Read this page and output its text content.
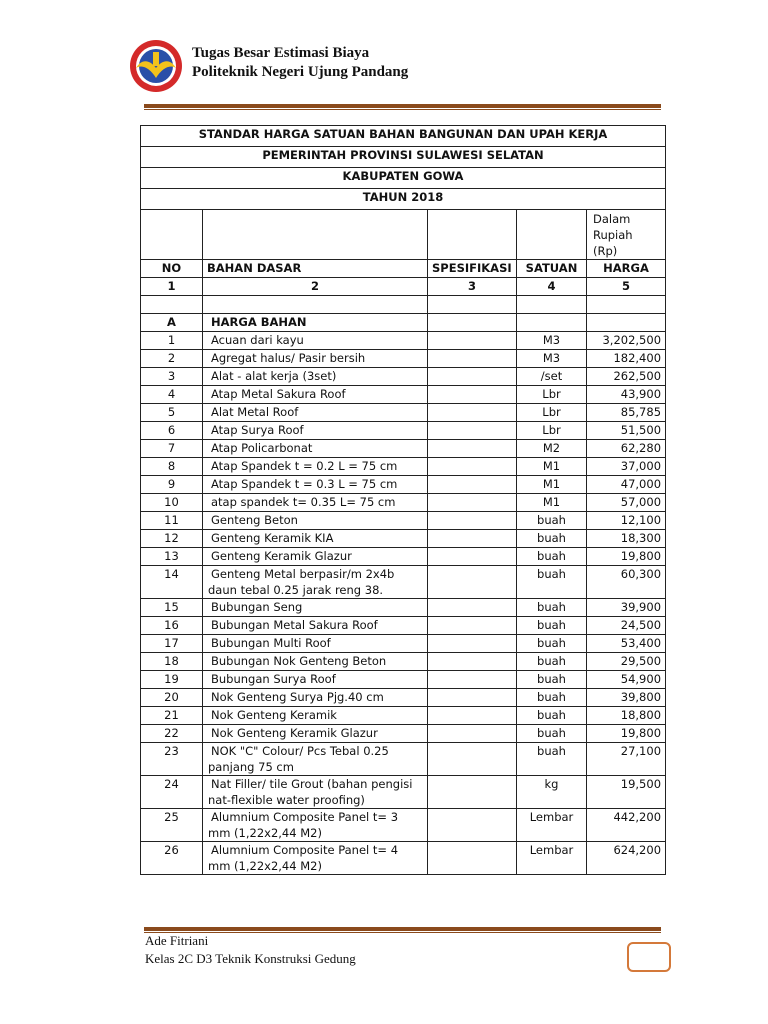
Tugas Besar Estimasi Biaya
Politeknik Negeri Ujung Pandang
STANDAR HARGA SATUAN BAHAN BANGUNAN DAN UPAH KERJA				
PEMERINTAH PROVINSI SULAWESI SELATAN				
KABUPATEN GOWA				
TAHUN 2018				

				Dalam Rupiah (Rp)

NO	BAHAN DASAR	SPESIFIKASI	SATUAN	HARGA
1	2	3	4	5

A	HARGA BAHAN			
1	Acuan dari kayu		M3	3,202,500
2	Agregat halus/ Pasir bersih		M3	182,400
3	Alat - alat kerja (3set)		/set	262,500
4	Atap Metal Sakura Roof		Lbr	43,900
5	Alat Metal Roof		Lbr	85,785
6	Atap Surya Roof		Lbr	51,500
7	Atap Policarbonat		M2	62,280
8	Atap Spandek t = 0.2 L = 75 cm		M1	37,000
9	Atap Spandek t = 0.3 L = 75 cm		M1	47,000
10	atap spandek t= 0.35 L= 75 cm		M1	57,000
11	Genteng Beton		buah	12,100
12	Genteng Keramik KIA		buah	18,300
13	Genteng Keramik Glazur		buah	19,800
14	Genteng Metal berpasir/m 2x4b
daun tebal 0.25 jarak reng 38.		buah	60,300
15	Bubungan Seng		buah	39,900
16	Bubungan Metal Sakura Roof		buah	24,500
17	Bubungan Multi Roof		buah	53,400
18	Bubungan Nok Genteng Beton		buah	29,500
19	Bubungan Surya Roof		buah	54,900
20	Nok Genteng Surya Pjg.40 cm		buah	39,800
21	Nok Genteng Keramik		buah	18,800
22	Nok Genteng Keramik Glazur		buah	19,800
23	NOK "C" Colour/ Pcs Tebal 0.25
panjang 75 cm		buah	27,100
24	Nat Filler/ tile Grout (bahan pengisi
nat-flexible water proofing)		kg	19,500
25	Alumnium Composite Panel t= 3
mm (1,22x2,44 M2)		Lembar	442,200
26	Alumnium Composite Panel t= 4
mm (1,22x2,44 M2)		Lembar	624,200
Ade Fitriani
Kelas 2C D3 Teknik Konstruksi Gedung
